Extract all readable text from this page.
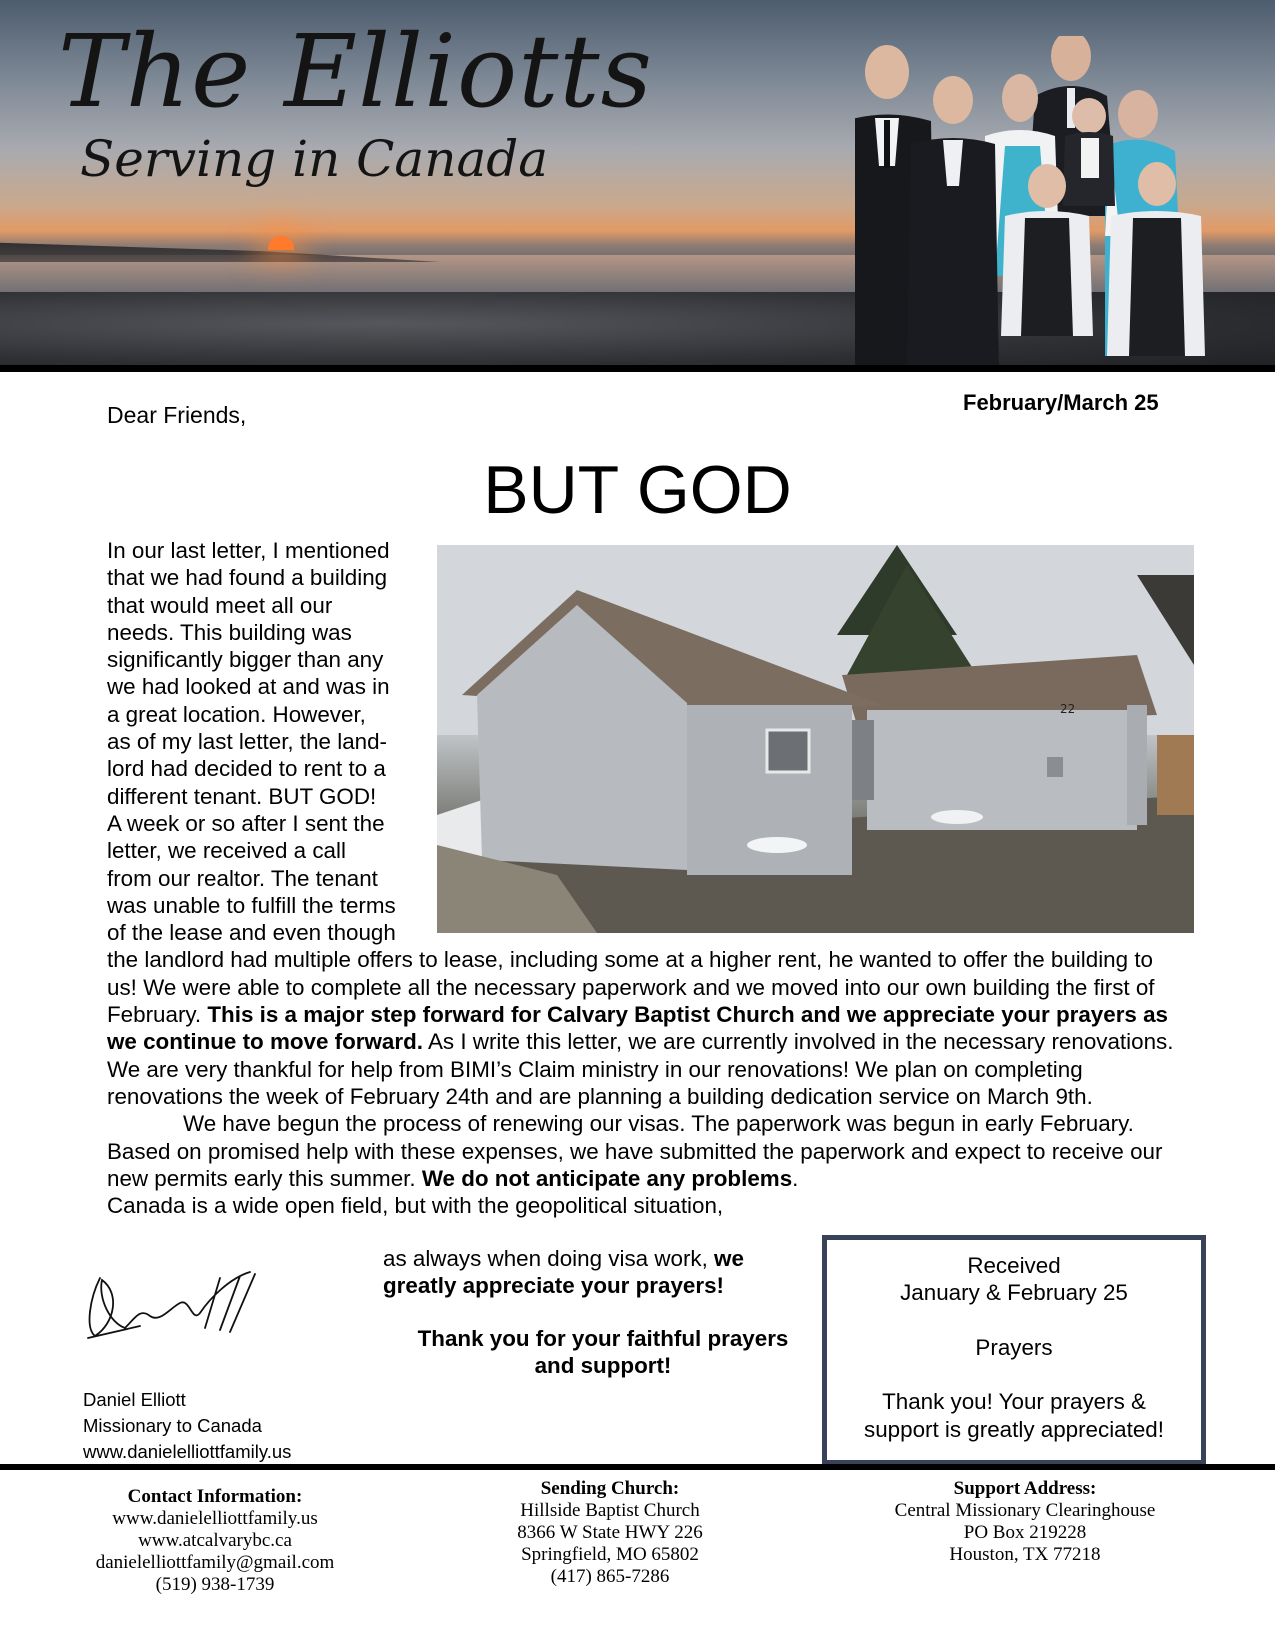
The Elliotts
Serving in Canada
Dear Friends,	February/March 25
BUT GOD
22

In our last letter, I mentioned

that we had found a building

that would meet all our

needs. This building was

significantly bigger than any

we had looked at and was in

a great location. However,

as of my last letter, the land-

lord had decided to rent to a

different tenant. BUT GOD!

A week or so after I sent the

letter, we received a call

from our realtor. The tenant

was unable to fulfill the terms

of the lease and even though

the landlord had multiple offers to lease, including some at a higher rent, he wanted to offer the building to us! We were able to complete all the necessary paperwork and we moved into our own building the first of February. This is a major step forward for Calvary Baptist Church and we appreciate your prayers as we continue to move forward. As I write this letter, we are currently involved in the necessary renovations. We are very thankful for help from BIMI’s Claim ministry in our renovations! We plan on completing renovations the week of February 24th and are planning a building dedication service on March 9th.

We have begun the process of renewing our visas. The paperwork was begun in early February. Based on promised help with these expenses, we have submitted the paperwork and expect to receive our new permits early this summer. We do not anticipate any problems.

Canada is a wide open field, but with the geopolitical situation,

as always when doing visa work, we
greatly appreciate your prayers!
Thank you for your faithful prayers
and support!
Daniel Elliott
Missionary to Canada
www.danielelliottfamily.us
Received
January & February 25
Prayers
Thank you! Your prayers &
support is greatly appreciated!
Contact Information:
www.danielelliottfamily.us
www.atcalvarybc.ca
danielelliottfamily@gmail.com
(519) 938-1739
Sending Church:
Hillside Baptist Church
8366 W State HWY 226
Springfield, MO 65802
(417) 865-7286
Support Address:
Central Missionary Clearinghouse
PO Box 219228
Houston, TX 77218
